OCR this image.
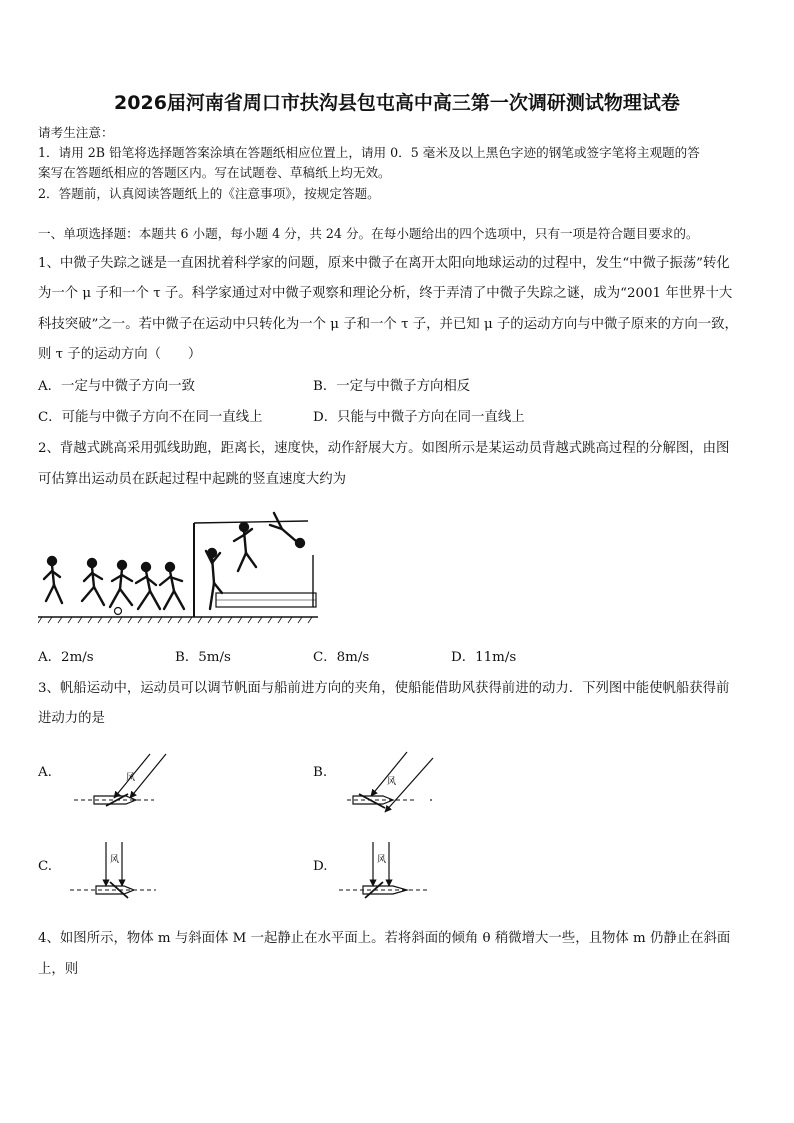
2026届河南省周口市扶沟县包屯高中高三第一次调研测试物理试卷
请考生注意：
1．请用 2B 铅笔将选择题答案涂填在答题纸相应位置上，请用 0．5 毫米及以上黑色字迹的钢笔或签字笔将主观题的答
案写在答题纸相应的答题区内。写在试题卷、草稿纸上均无效。
2．答题前，认真阅读答题纸上的《注意事项》，按规定答题。
一、单项选择题：本题共 6 小题，每小题 4 分，共 24 分。在每小题给出的四个选项中，只有一项是符合题目要求的。
1、中微子失踪之谜是一直困扰着科学家的问题，原来中微子在离开太阳向地球运动的过程中，发生“中微子振荡”转化
为一个 μ 子和一个 τ 子。科学家通过对中微子观察和理论分析，终于弄清了中微子失踪之谜，成为“2001 年世界十大
科技突破”之一。若中微子在运动中只转化为一个 μ 子和一个 τ 子，并已知 μ 子的运动方向与中微子原来的方向一致，
则 τ 子的运动方向（　　）
A．一定与中微子方向一致	B．一定与中微子方向相反
C．可能与中微子方向不在同一直线上	D．只能与中微子方向在同一直线上
2、背越式跳高采用弧线助跑，距离长，速度快，动作舒展大方。如图所示是某运动员背越式跳高过程的分解图，由图
可估算出运动员在跃起过程中起跳的竖直速度大约为
A．2m/s	B．5m/s	C．8m/s	D．11m/s
3、帆船运动中，运动员可以调节帆面与船前进方向的夹角，使船能借助风获得前进的动力．下列图中能使帆船获得前
进动力的是
A.	风	B.
风
C.	风	D.	风
4、如图所示，物体 m 与斜面体 M 一起静止在水平面上。若将斜面的倾角 θ 稍微增大一些，且物体 m 仍静止在斜面
上，则
